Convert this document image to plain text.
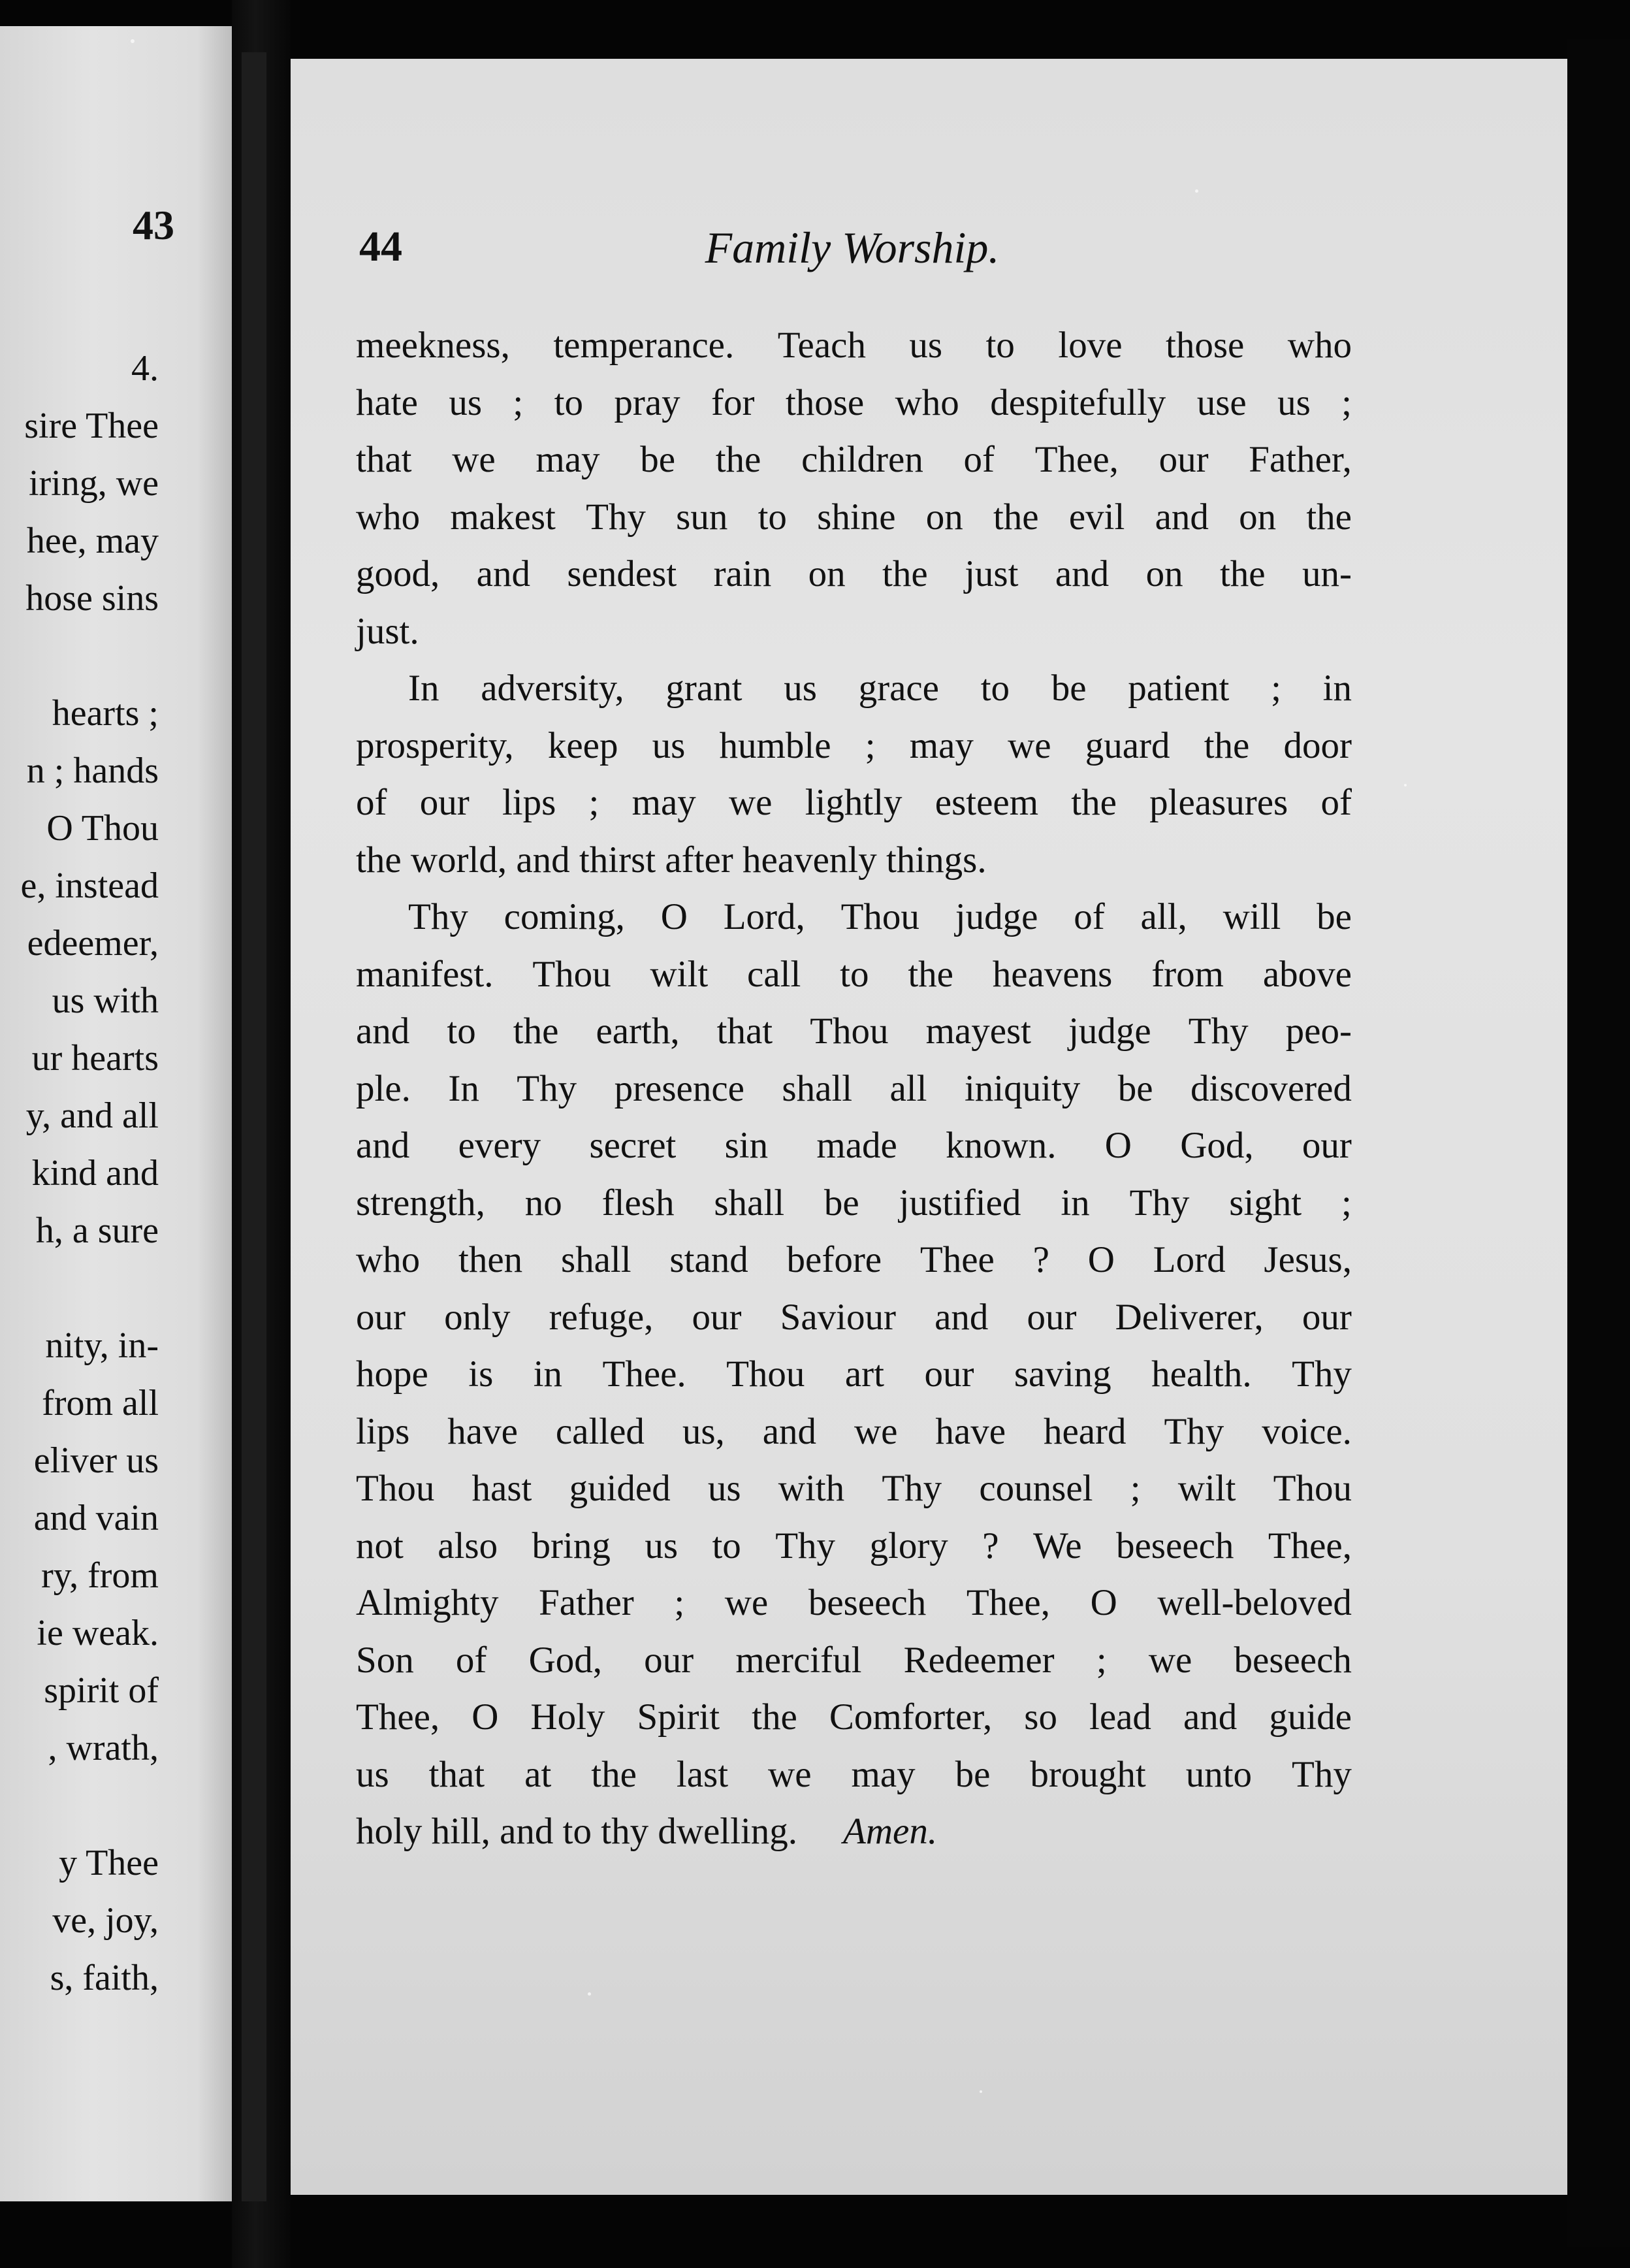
43
4.
sire Thee
iring, we
hee, may
hose sins
hearts ;
n ; hands
O Thou
e, instead
edeemer,
us with
ur hearts
y, and all
kind and
h, a sure
nity, in-
from all
eliver us
and vain
ry, from
ie weak.
spirit of
, wrath,
y Thee
ve, joy,
s, faith,
44	Family Worship.
meekness, temperance. Teach us to love those who
hate us ; to pray for those who despitefully use us ;
that we may be the children of Thee, our Father,
who makest Thy sun to shine on the evil and on the
good, and sendest rain on the just and on the un-
just.
In adversity, grant us grace to be patient ; in
prosperity, keep us humble ; may we guard the door
of our lips ; may we lightly esteem the pleasures of
the world, and thirst after heavenly things.
Thy coming, O Lord, Thou judge of all, will be
manifest. Thou wilt call to the heavens from above
and to the earth, that Thou mayest judge Thy peo-
ple. In Thy presence shall all iniquity be discovered
and every secret sin made known. O God, our
strength, no flesh shall be justified in Thy sight ;
who then shall stand before Thee ? O Lord Jesus,
our only refuge, our Saviour and our Deliverer, our
hope is in Thee. Thou art our saving health. Thy
lips have called us, and we have heard Thy voice.
Thou hast guided us with Thy counsel ; wilt Thou
not also bring us to Thy glory ? We beseech Thee,
Almighty Father ; we beseech Thee, O well-beloved
Son of God, our merciful Redeemer ; we beseech
Thee, O Holy Spirit the Comforter, so lead and guide
us that at the last we may be brought unto Thy
holy hill, and to thy dwelling. Amen.
